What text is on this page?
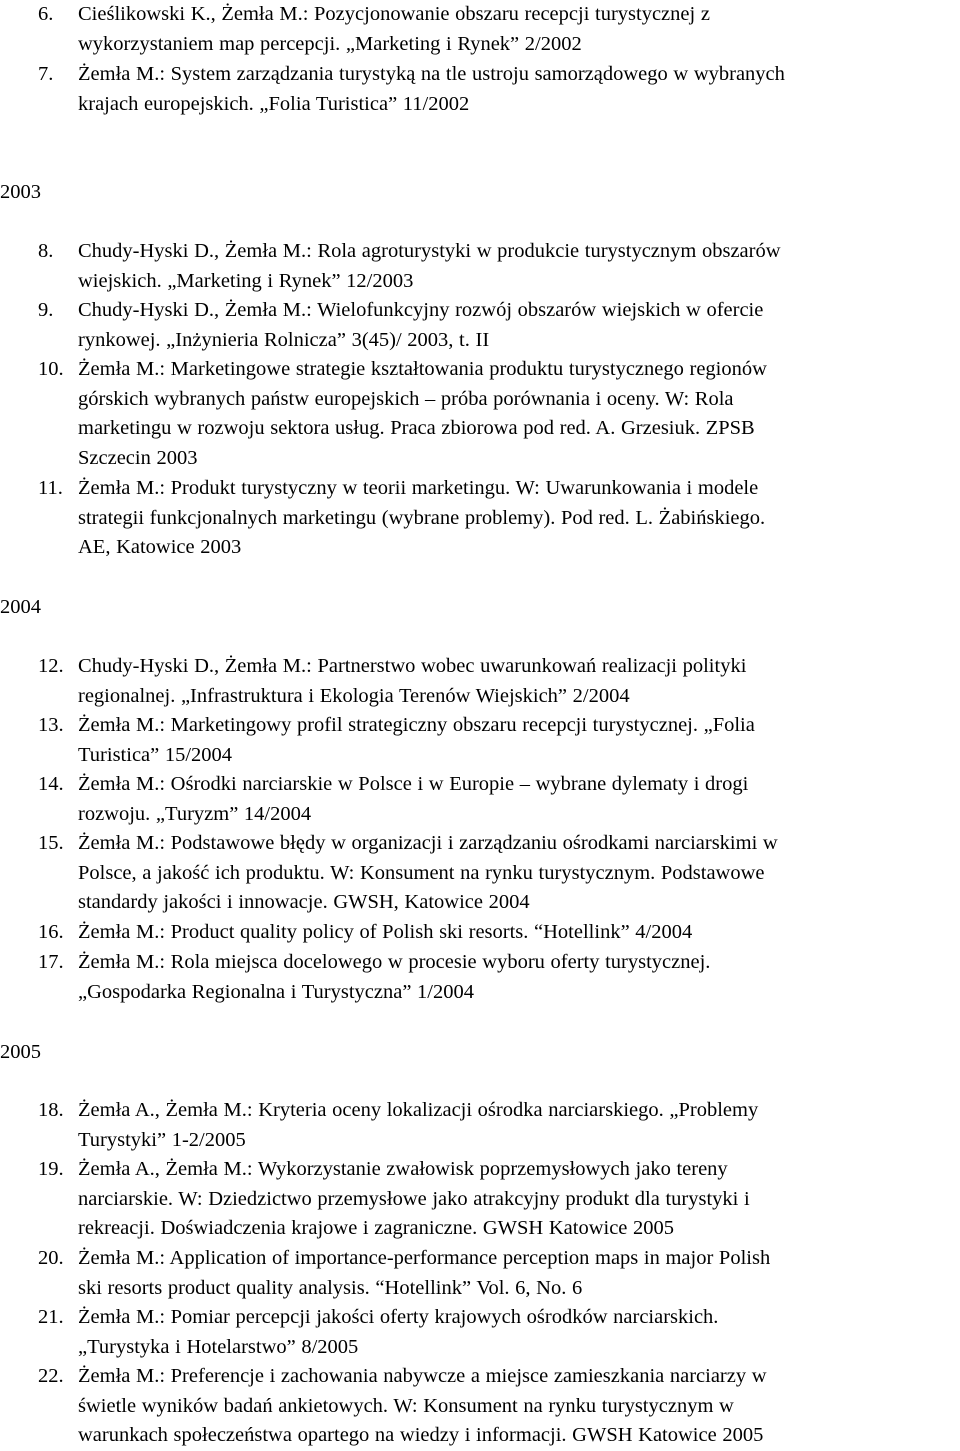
2003
2004
2005
6. Cieślikowski K., Żemła M.: Pozycjonowanie obszaru recepcji turystycznej z
wykorzystaniem map percepcji. „Marketing i Rynek” 2/2002
7. Żemła M.: System zarządzania turystyką na tle ustroju samorządowego w wybranych
krajach europejskich. „Folia Turistica” 11/2002
8. Chudy-Hyski D., Żemła M.: Rola agroturystyki w produkcie turystycznym obszarów
wiejskich. „Marketing i Rynek” 12/2003
9. Chudy-Hyski D., Żemła M.: Wielofunkcyjny rozwój obszarów wiejskich w ofercie
rynkowej. „Inżynieria Rolnicza” 3(45)/ 2003, t. II
10. Żemła M.: Marketingowe strategie kształtowania produktu turystycznego regionów
górskich wybranych państw europejskich – próba porównania i oceny. W: Rola
marketingu w rozwoju sektora usług. Praca zbiorowa pod red. A. Grzesiuk. ZPSB
Szczecin 2003
11. Żemła M.: Produkt turystyczny w teorii marketingu. W: Uwarunkowania i modele
strategii funkcjonalnych marketingu (wybrane problemy). Pod red. L. Żabińskiego.
AE, Katowice 2003
12. Chudy-Hyski D., Żemła M.: Partnerstwo wobec uwarunkowań realizacji polityki
regionalnej. „Infrastruktura i Ekologia Terenów Wiejskich” 2/2004
13. Żemła M.: Marketingowy profil strategiczny obszaru recepcji turystycznej. „Folia
Turistica” 15/2004
14. Żemła M.: Ośrodki narciarskie w Polsce i w Europie – wybrane dylematy i drogi
rozwoju. „Turyzm” 14/2004
15. Żemła M.: Podstawowe błędy w organizacji i zarządzaniu ośrodkami narciarskimi w
Polsce, a jakość ich produktu. W: Konsument na rynku turystycznym. Podstawowe
standardy jakości i innowacje. GWSH, Katowice 2004
16. Żemła M.: Product quality policy of Polish ski resorts. “Hotellink” 4/2004
17. Żemła M.: Rola miejsca docelowego w procesie wyboru oferty turystycznej.
„Gospodarka Regionalna i Turystyczna” 1/2004
18. Żemła A., Żemła M.: Kryteria oceny lokalizacji ośrodka narciarskiego. „Problemy
Turystyki” 1-2/2005
19. Żemła A., Żemła M.: Wykorzystanie zwałowisk poprzemysłowych jako tereny
narciarskie. W: Dziedzictwo przemysłowe jako atrakcyjny produkt dla turystyki i
rekreacji. Doświadczenia krajowe i zagraniczne. GWSH Katowice 2005
20. Żemła M.: Application of importance-performance perception maps in major Polish
ski resorts product quality analysis. “Hotellink” Vol. 6, No. 6
21. Żemła M.: Pomiar percepcji jakości oferty krajowych ośrodków narciarskich.
„Turystyka i Hotelarstwo” 8/2005
22. Żemła M.: Preferencje i zachowania nabywcze a miejsce zamieszkania narciarzy w
świetle wyników badań ankietowych. W: Konsument na rynku turystycznym w
warunkach społeczeństwa opartego na wiedzy i informacji. GWSH Katowice 2005
